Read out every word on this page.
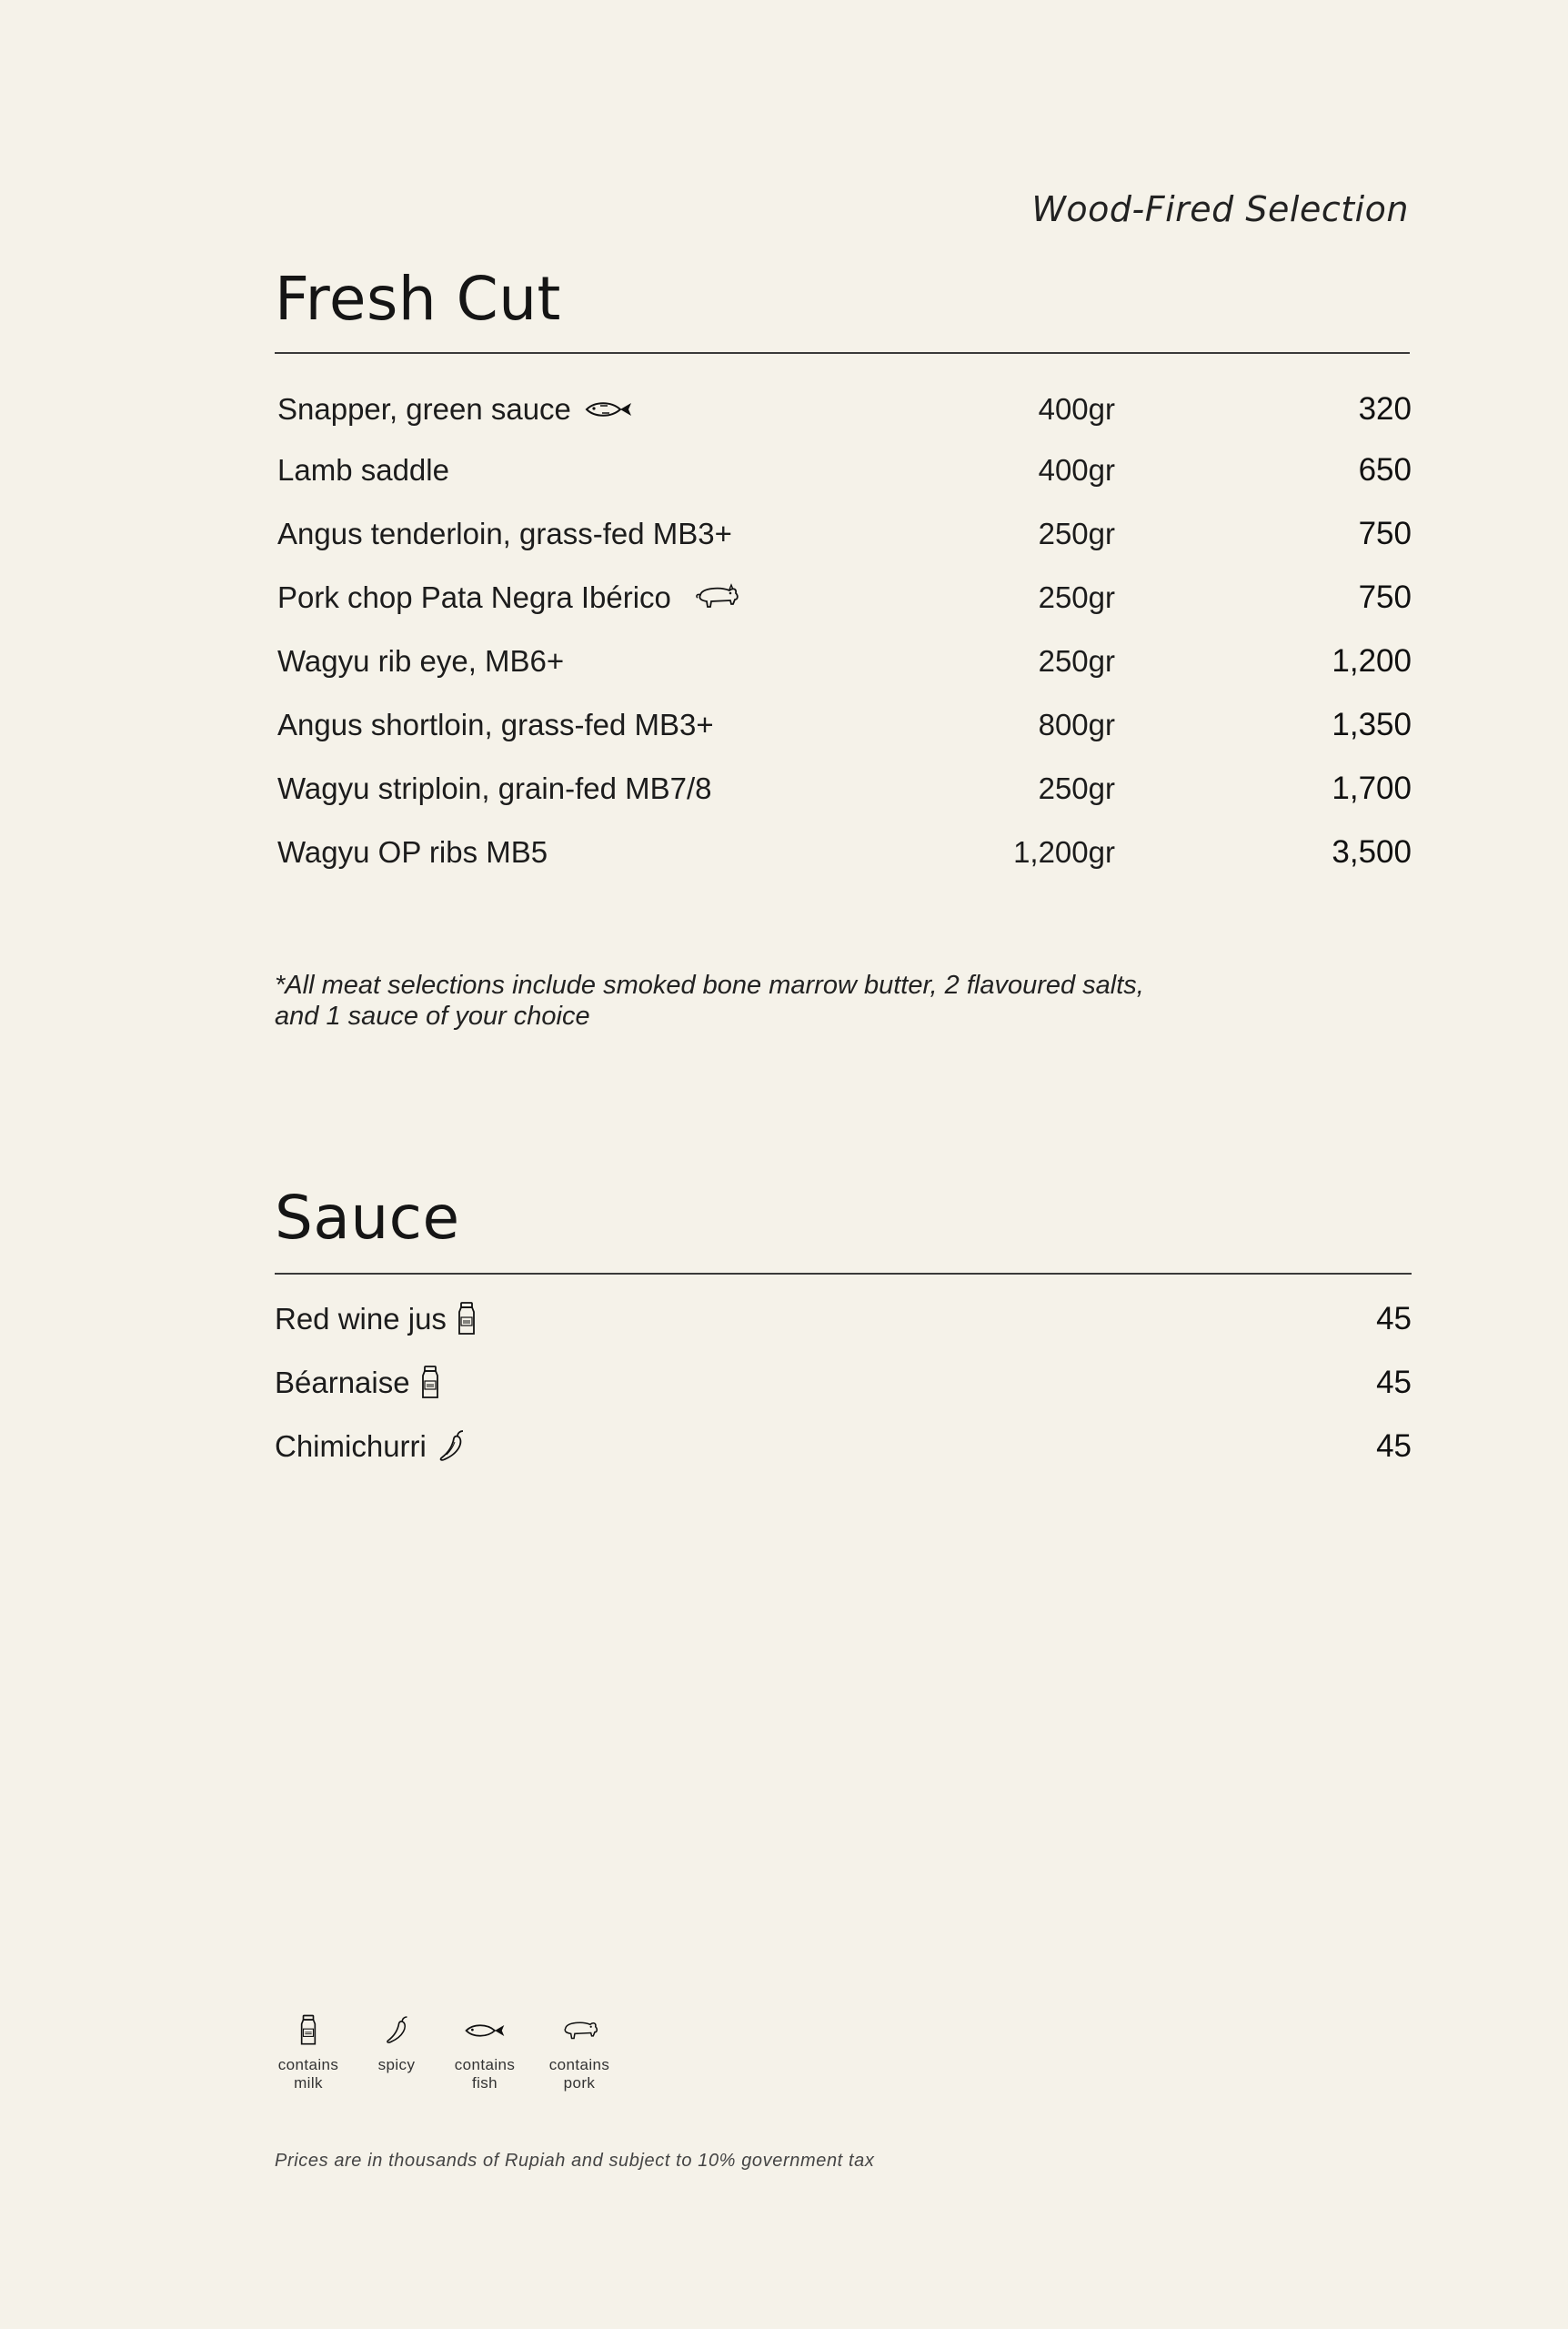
Wood-Fired Selection
Fresh Cut
Snapper, green sauce	400gr	320
Lamb saddle	400gr	650
Angus tenderloin, grass-fed MB3+	250gr	750
Pork chop Pata Negra Ibérico	250gr	750
Wagyu rib eye, MB6+	250gr	1,200
Angus shortloin, grass-fed MB3+	800gr	1,350
Wagyu striploin, grain-fed MB7/8	250gr	1,700
Wagyu OP ribs MB5	1,200gr	3,500
*All meat selections include smoked bone marrow butter, 2 flavoured salts,
and 1 sauce of your choice
Sauce
Red wine jus	45
Béarnaise	45
Chimichurri	45
contains
milk
spicy	contains
fish
contains
pork
Prices are in thousands of Rupiah and subject to 10% government tax
